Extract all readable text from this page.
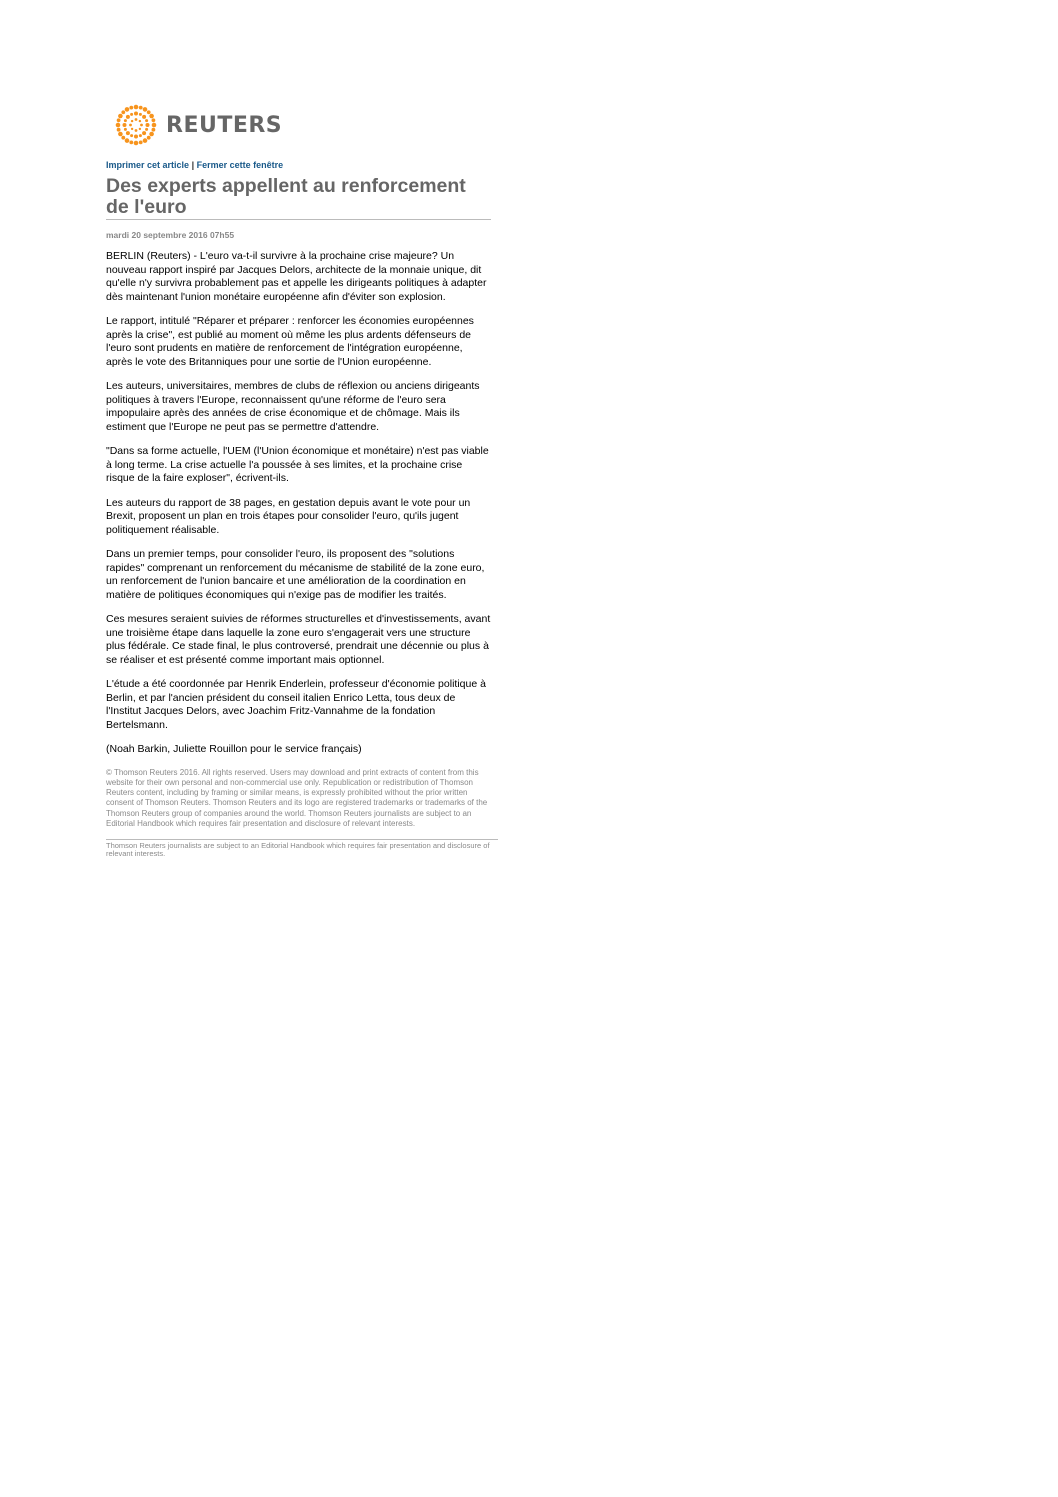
REUTERS
Imprimer cet article | Fermer cette fenêtre
Des experts appellent au renforcement de l'euro
mardi 20 septembre 2016 07h55

BERLIN (Reuters) - L'euro va-t-il survivre à la prochaine crise majeure? Un nouveau rapport inspiré par Jacques Delors, architecte de la monnaie unique, dit qu'elle n'y survivra probablement pas et appelle les dirigeants politiques à adapter dès maintenant l'union monétaire européenne afin d'éviter son explosion.

Le rapport, intitulé "Réparer et préparer : renforcer les économies européennes après la crise", est publié au moment où même les plus ardents défenseurs de l'euro sont prudents en matière de renforcement de l'intégration européenne, après le vote des Britanniques pour une sortie de l'Union européenne.

Les auteurs, universitaires, membres de clubs de réflexion ou anciens dirigeants politiques à travers l'Europe, reconnaissent qu'une réforme de l'euro sera impopulaire après des années de crise économique et de chômage. Mais ils estiment que l'Europe ne peut pas se permettre d'attendre.

"Dans sa forme actuelle, l'UEM (l'Union économique et monétaire) n'est pas viable à long terme. La crise actuelle l'a poussée à ses limites, et la prochaine crise risque de la faire exploser", écrivent-ils.

Les auteurs du rapport de 38 pages, en gestation depuis avant le vote pour un Brexit, proposent un plan en trois étapes pour consolider l'euro, qu'ils jugent politiquement réalisable.

Dans un premier temps, pour consolider l'euro, ils proposent des "solutions rapides" comprenant un renforcement du mécanisme de stabilité de la zone euro, un renforcement de l'union bancaire et une amélioration de la coordination en matière de politiques économiques qui n'exige pas de modifier les traités.

Ces mesures seraient suivies de réformes structurelles et d'investissements, avant une troisième étape dans laquelle la zone euro s'engagerait vers une structure plus fédérale. Ce stade final, le plus controversé, prendrait une décennie ou plus à se réaliser et est présenté comme important mais optionnel.

L'étude a été coordonnée par Henrik Enderlein, professeur d'économie politique à Berlin, et par l'ancien président du conseil italien Enrico Letta, tous deux de l'Institut Jacques Delors, avec Joachim Fritz-Vannahme de la fondation Bertelsmann.

(Noah Barkin, Juliette Rouillon pour le service français)

© Thomson Reuters 2016. All rights reserved. Users may download and print extracts of content from this website for their own personal and non-commercial use only. Republication or redistribution of Thomson Reuters content, including by framing or similar means, is expressly prohibited without the prior written consent of Thomson Reuters. Thomson Reuters and its logo are registered trademarks or trademarks of the Thomson Reuters group of companies around the world. Thomson Reuters journalists are subject to an Editorial Handbook which requires fair presentation and disclosure of relevant interests.
Thomson Reuters journalists are subject to an Editorial Handbook which requires fair presentation and disclosure of relevant interests.
